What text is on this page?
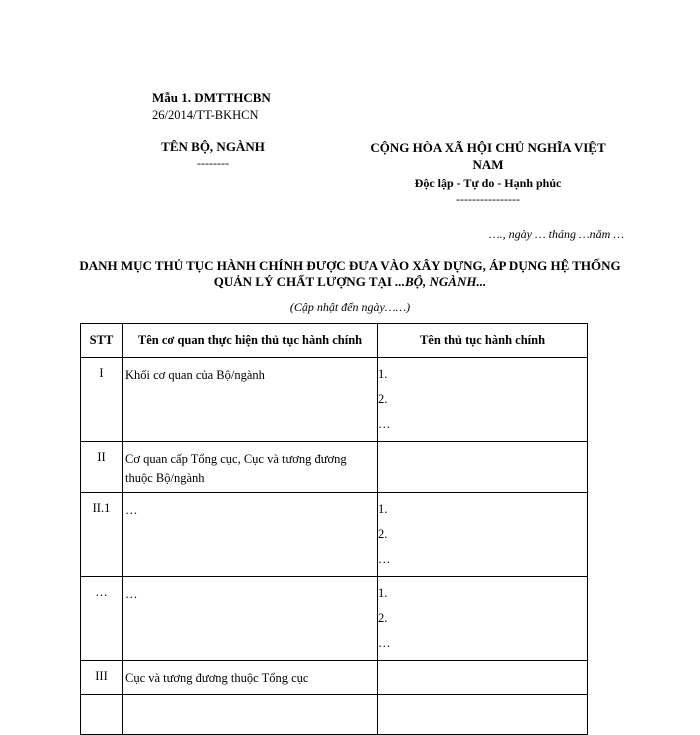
Mẫu 1. DMTTHCBN
26/2014/TT-BKHCN
TÊN BỘ, NGÀNH
--------
CỘNG HÒA XÃ HỘI CHỦ NGHĨA VIỆT NAM
Độc lập - Tự do - Hạnh phúc
----------------
…., ngày … tháng …năm …
DANH MỤC THỦ TỤC HÀNH CHÍNH ĐƯỢC ĐƯA VÀO XÂY DỰNG, ÁP DỤNG HỆ THỐNG QUẢN LÝ CHẤT LƯỢNG TẠI ...BỘ, NGÀNH...
(Cập nhật đến ngày……)
STT	Tên cơ quan thực hiện thủ tục hành chính	Tên thủ tục hành chính
I	Khối cơ quan của Bộ/ngành	1.
2.
…

II	Cơ quan cấp Tổng cục, Cục và tương đương thuộc Bộ/ngành	
II.1	…	1.
2.
…

…	…	1.
2.
…

III	Cục và tương đương thuộc Tổng cục	
